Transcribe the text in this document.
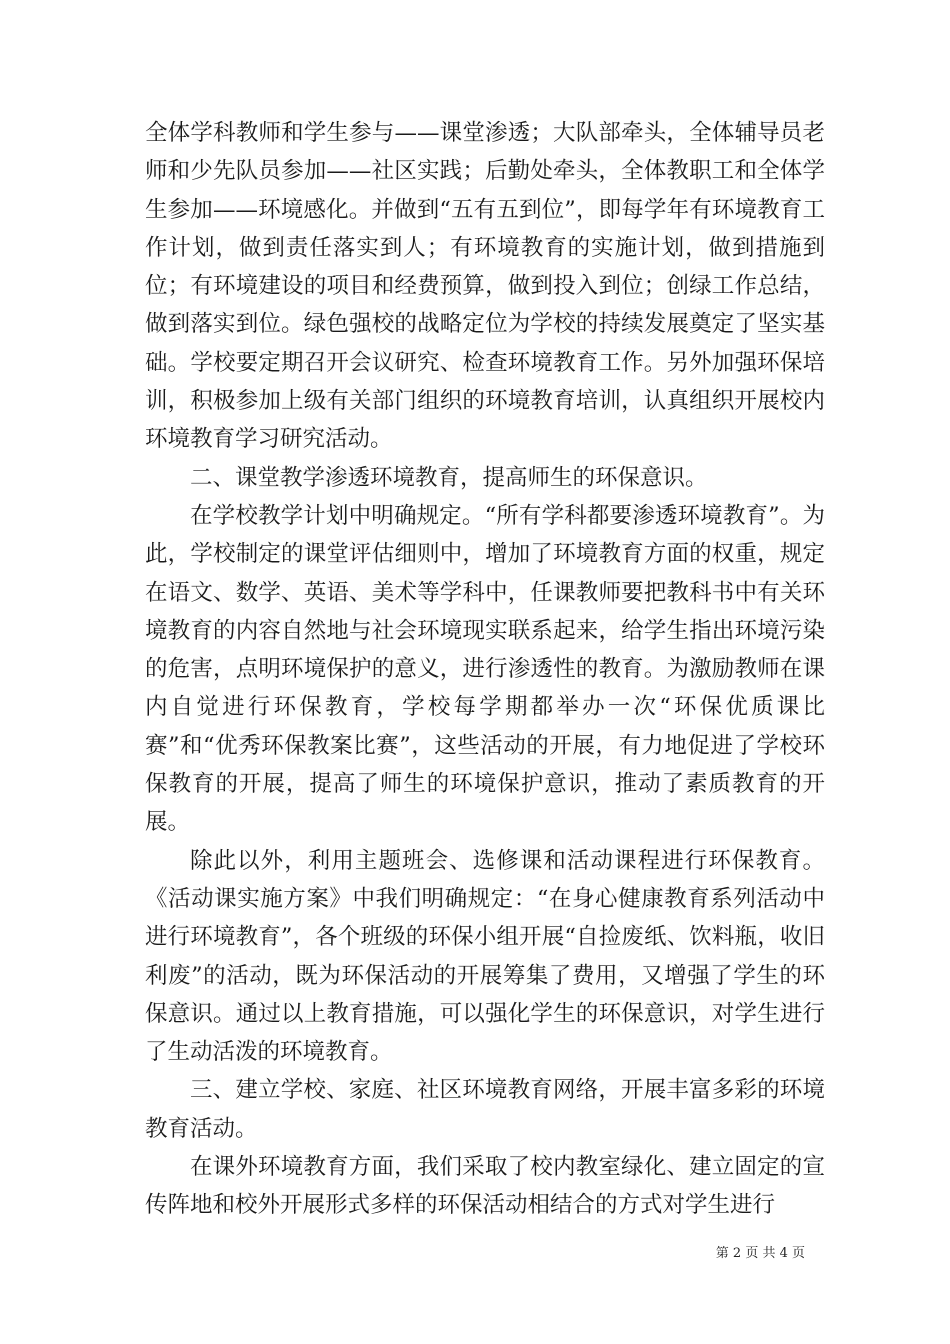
全体学科教师和学生参与——课堂渗透；大队部牵头，全体辅导员老师和少先队员参加——社区实践；后勤处牵头，全体教职工和全体学生参加——环境感化。并做到“五有五到位”，即每学年有环境教育工作计划，做到责任落实到人；有环境教育的实施计划，做到措施到位；有环境建设的项目和经费预算，做到投入到位；创绿工作总结，做到落实到位。绿色强校的战略定位为学校的持续发展奠定了坚实基础。学校要定期召开会议研究、检查环境教育工作。另外加强环保培训，积极参加上级有关部门组织的环境教育培训，认真组织开展校内环境教育学习研究活动。

二、课堂教学渗透环境教育，提高师生的环保意识。

在学校教学计划中明确规定。“所有学科都要渗透环境教育”。为此，学校制定的课堂评估细则中，增加了环境教育方面的权重，规定在语文、数学、英语、美术等学科中，任课教师要把教科书中有关环境教育的内容自然地与社会环境现实联系起来，给学生指出环境污染的危害，点明环境保护的意义，进行渗透性的教育。为激励教师在课内自觉进行环保教育，学校每学期都举办一次“环保优质课比赛”和“优秀环保教案比赛”，这些活动的开展，有力地促进了学校环保教育的开展，提高了师生的环境保护意识，推动了素质教育的开展。

除此以外，利用主题班会、选修课和活动课程进行环保教育。《活动课实施方案》中我们明确规定：“在身心健康教育系列活动中进行环境教育”，各个班级的环保小组开展“自捡废纸、饮料瓶，收旧利废”的活动，既为环保活动的开展筹集了费用，又增强了学生的环保意识。通过以上教育措施，可以强化学生的环保意识，对学生进行了生动活泼的环境教育。

三、建立学校、家庭、社区环境教育网络，开展丰富多彩的环境教育活动。

在课外环境教育方面，我们采取了校内教室绿化、建立固定的宣传阵地和校外开展形式多样的环保活动相结合的方式对学生进行

第 2 页 共 4 页
